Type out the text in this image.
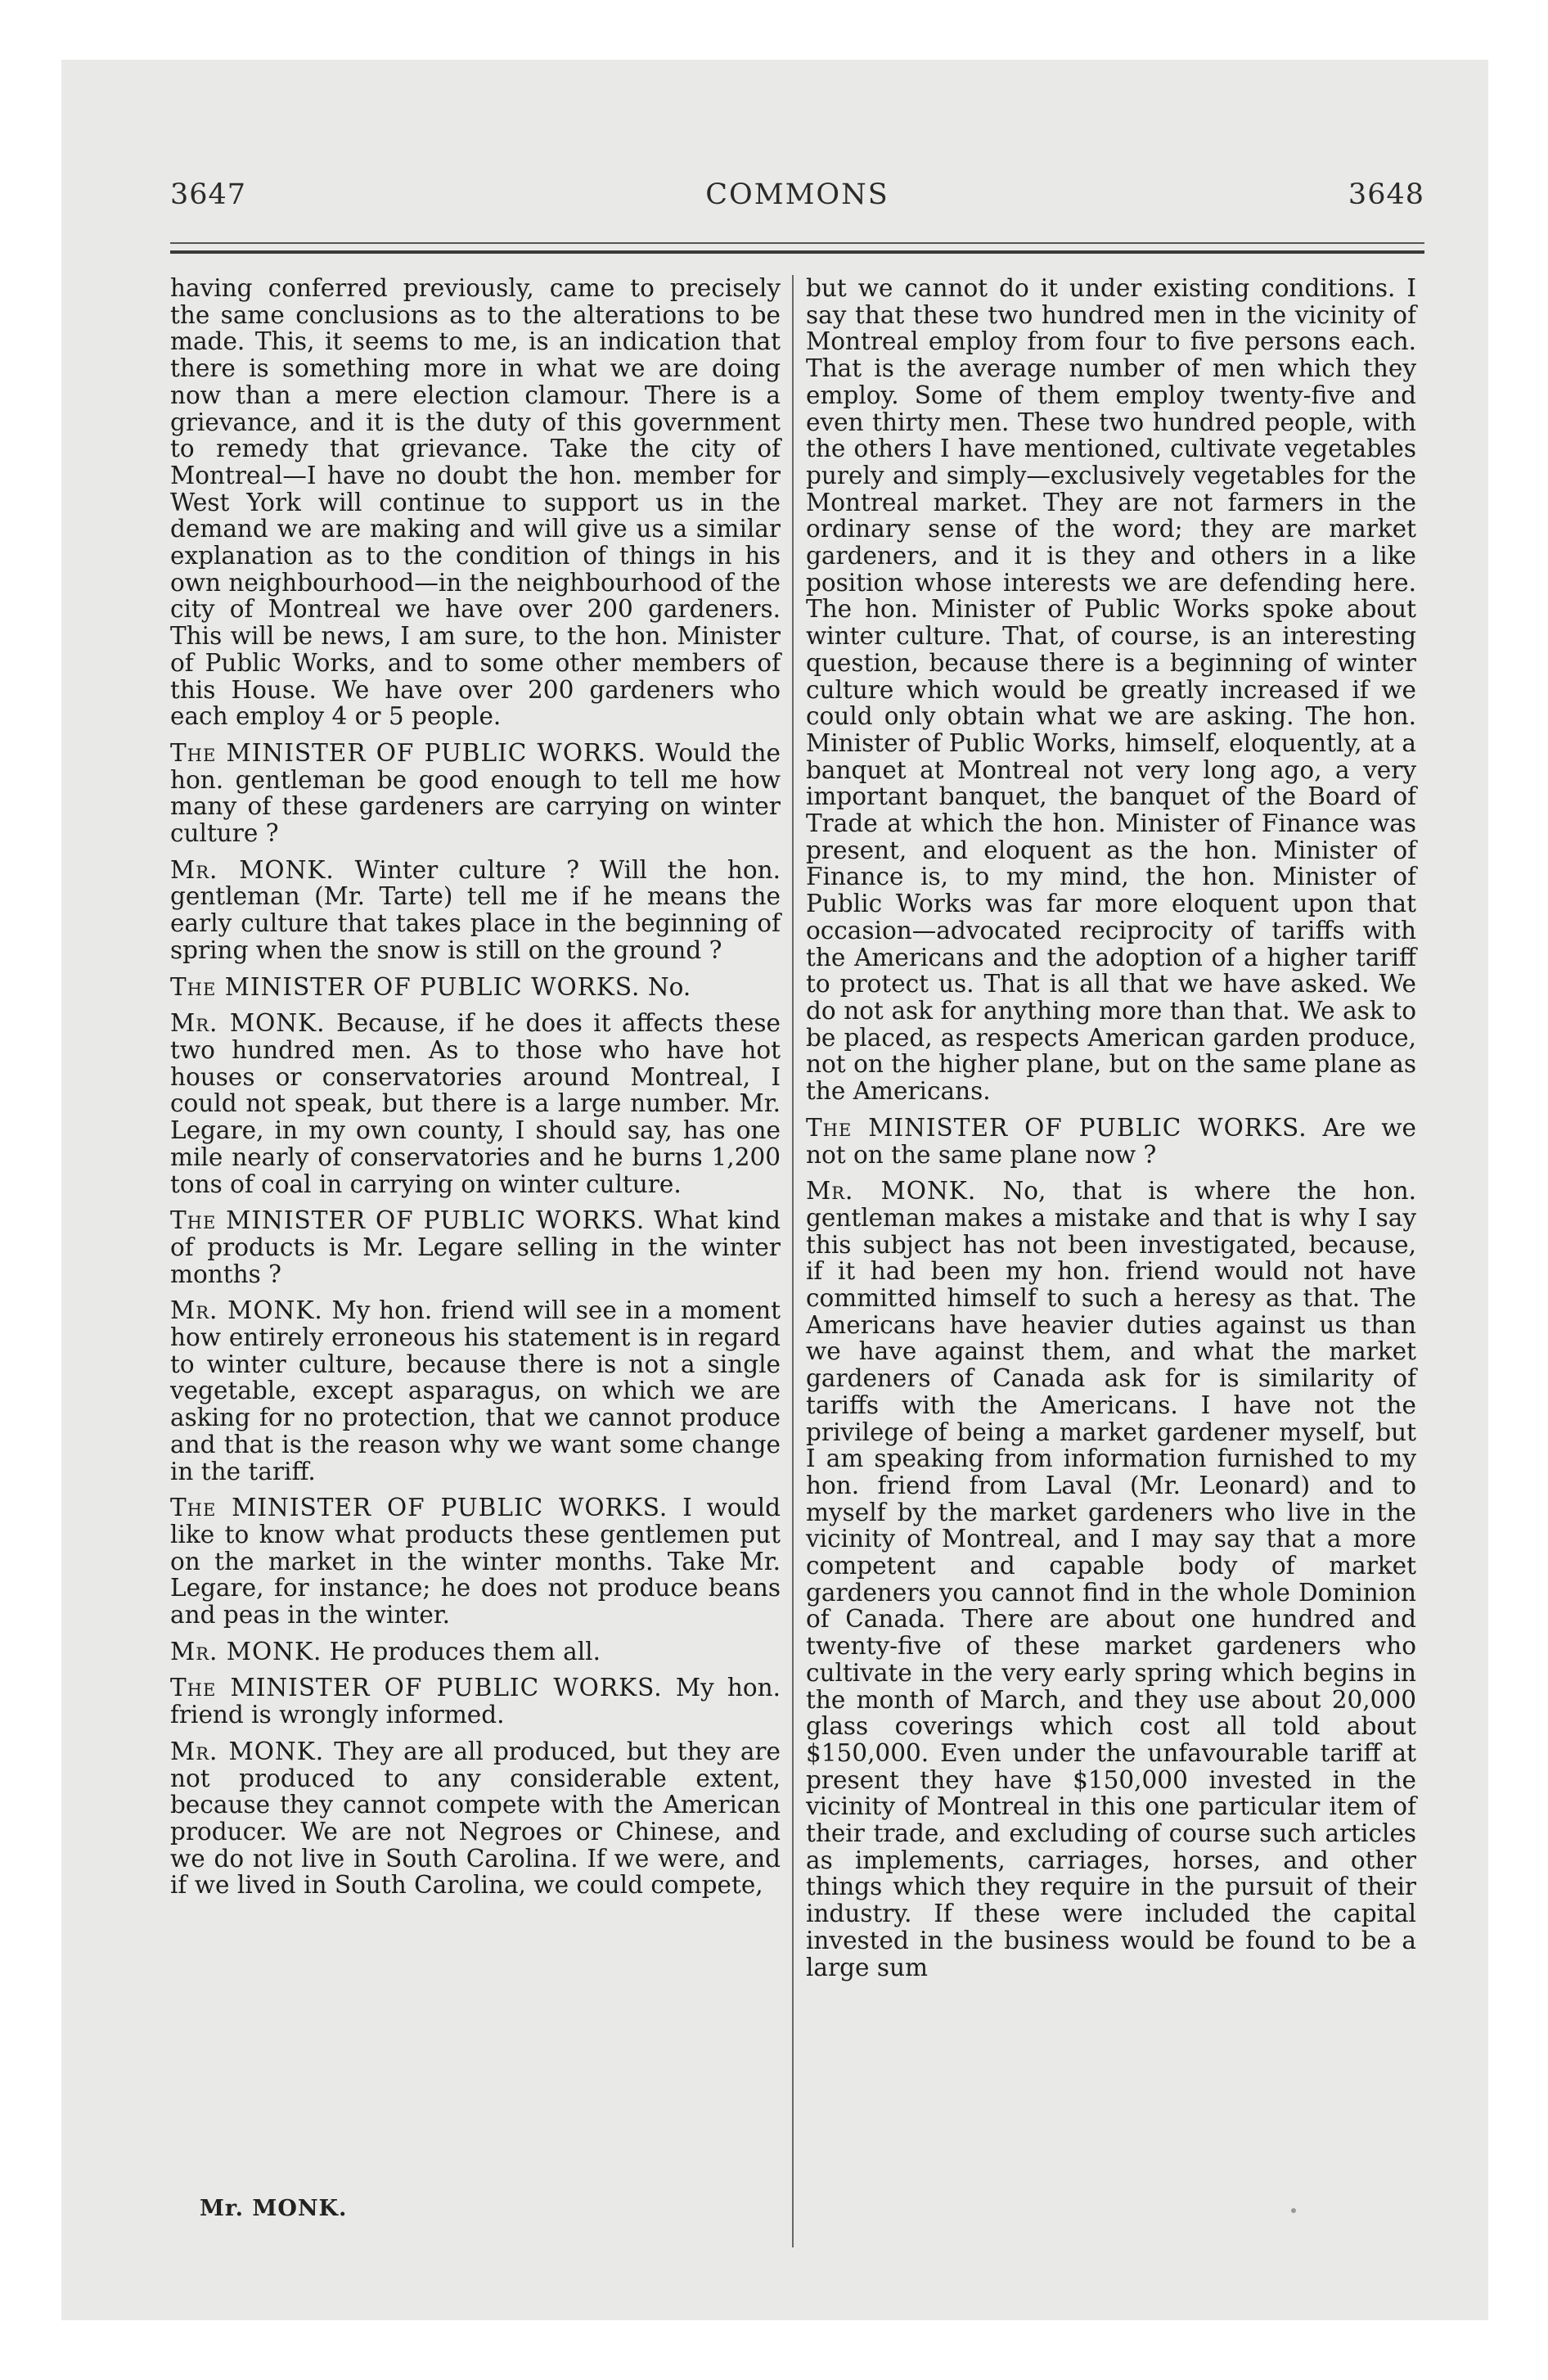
3647	COMMONS	3648

having conferred previously, came to precisely the same conclusions as to the alterations to be made. This, it seems to me, is an indication that there is something more in what we are doing now than a mere election clamour. There is a grievance, and it is the duty of this government to remedy that grievance. Take the city of Montreal—I have no doubt the hon. member for West York will continue to support us in the demand we are making and will give us a similar explanation as to the condition of things in his own neighbourhood—in the neighbourhood of the city of Montreal we have over 200 gardeners. This will be news, I am sure, to the hon. Minister of Public Works, and to some other members of this House. We have over 200 gardeners who each employ 4 or 5 people.

The MINISTER OF PUBLIC WORKS. Would the hon. gentleman be good enough to tell me how many of these gardeners are carrying on winter culture ?

Mr. MONK. Winter culture ? Will the hon. gentleman (Mr. Tarte) tell me if he means the early culture that takes place in the beginning of spring when the snow is still on the ground ?

The MINISTER OF PUBLIC WORKS. No.

Mr. MONK. Because, if he does it affects these two hundred men. As to those who have hot houses or conservatories around Montreal, I could not speak, but there is a large number. Mr. Legare, in my own county, I should say, has one mile nearly of conservatories and he burns 1,200 tons of coal in carrying on winter culture.

The MINISTER OF PUBLIC WORKS. What kind of products is Mr. Legare selling in the winter months ?

Mr. MONK. My hon. friend will see in a moment how entirely erroneous his statement is in regard to winter culture, because there is not a single vegetable, except asparagus, on which we are asking for no protection, that we cannot produce and that is the reason why we want some change in the tariff.

The MINISTER OF PUBLIC WORKS. I would like to know what products these gentlemen put on the market in the winter months. Take Mr. Legare, for instance; he does not produce beans and peas in the winter.

Mr. MONK. He produces them all.

The MINISTER OF PUBLIC WORKS. My hon. friend is wrongly informed.

Mr. MONK. They are all produced, but they are not produced to any considerable extent, because they cannot compete with the American producer. We are not Negroes or Chinese, and we do not live in South Carolina. If we were, and if we lived in South Carolina, we could compete,

but we cannot do it under existing conditions. I say that these two hundred men in the vicinity of Montreal employ from four to five persons each. That is the average number of men which they employ. Some of them employ twenty-five and even thirty men. These two hundred people, with the others I have mentioned, cultivate vegetables purely and simply—exclusively vegetables for the Montreal market. They are not farmers in the ordinary sense of the word; they are market gardeners, and it is they and others in a like position whose interests we are defending here. The hon. Minister of Public Works spoke about winter culture. That, of course, is an interesting question, because there is a beginning of winter culture which would be greatly increased if we could only obtain what we are asking. The hon. Minister of Public Works, himself, eloquently, at a banquet at Montreal not very long ago, a very important banquet, the banquet of the Board of Trade at which the hon. Minister of Finance was present, and eloquent as the hon. Minister of Finance is, to my mind, the hon. Minister of Public Works was far more eloquent upon that occasion—advocated reciprocity of tariffs with the Americans and the adoption of a higher tariff to protect us. That is all that we have asked. We do not ask for anything more than that. We ask to be placed, as respects American garden produce, not on the higher plane, but on the same plane as the Americans.

The MINISTER OF PUBLIC WORKS. Are we not on the same plane now ?

Mr. MONK. No, that is where the hon. gentleman makes a mistake and that is why I say this subject has not been investigated, because, if it had been my hon. friend would not have committed himself to such a heresy as that. The Americans have heavier duties against us than we have against them, and what the market gardeners of Canada ask for is similarity of tariffs with the Americans. I have not the privilege of being a market gardener myself, but I am speaking from information furnished to my hon. friend from Laval (Mr. Leonard) and to myself by the market gardeners who live in the vicinity of Montreal, and I may say that a more competent and capable body of market gardeners you cannot find in the whole Dominion of Canada. There are about one hundred and twenty-five of these market gardeners who cultivate in the very early spring which begins in the month of March, and they use about 20,000 glass coverings which cost all told about $150,000. Even under the unfavourable tariff at present they have $150,000 invested in the vicinity of Montreal in this one particular item of their trade, and excluding of course such articles as implements, carriages, horses, and other things which they require in the pursuit of their industry. If these were included the capital invested in the business would be found to be a large sum

Mr. MONK.
